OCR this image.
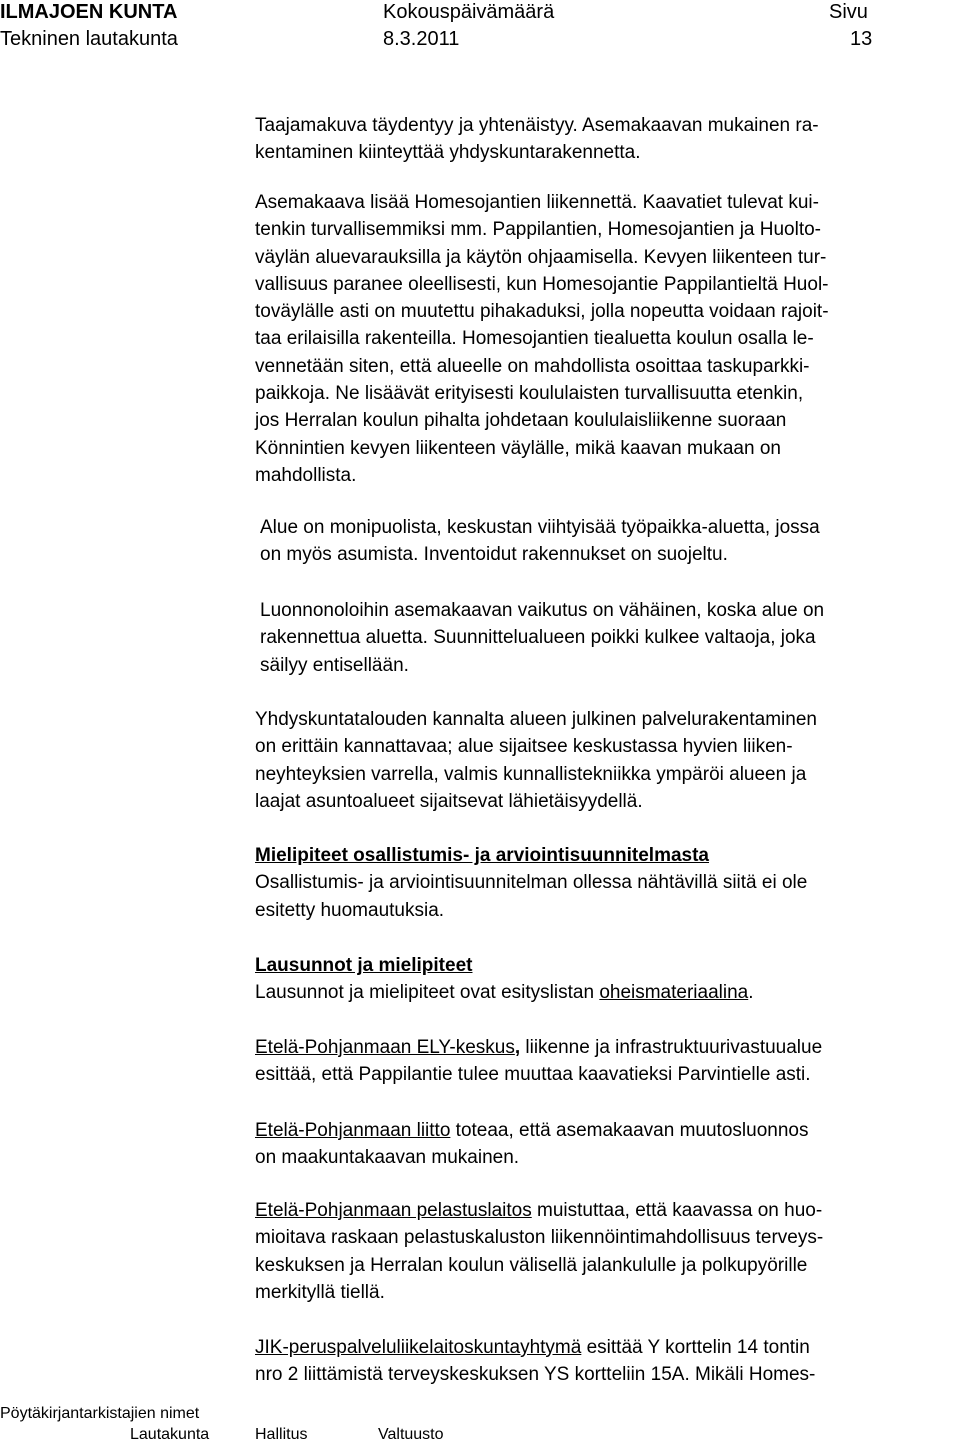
ILMAJOEN KUNTA
Tekninen lautakunta
Kokouspäivämäärä
8.3.2011
Sivu
13

Taajamakuva täydentyy ja yhtenäistyy. Asemakaavan mukainen ra-

kentaminen kiinteyttää yhdyskuntarakennetta.

Asemakaava lisää Homesojantien liikennettä. Kaavatiet tulevat kui-

tenkin turvallisemmiksi mm. Pappilantien, Homesojantien ja Huolto-

väylän aluevarauksilla ja käytön ohjaamisella. Kevyen liikenteen tur-

vallisuus paranee oleellisesti, kun Homesojantie Pappilantieltä Huol-

toväylälle asti on muutettu pihakaduksi, jolla nopeutta voidaan rajoit-

taa erilaisilla rakenteilla. Homesojantien tiealuetta koulun osalla le-

vennetään siten, että alueelle on mahdollista osoittaa taskuparkki-

paikkoja. Ne lisäävät erityisesti koululaisten turvallisuutta etenkin,

jos Herralan koulun pihalta johdetaan koululaisliikenne suoraan

Könnintien kevyen liikenteen väylälle, mikä kaavan mukaan on

mahdollista.

Alue on monipuolista, keskustan viihtyisää työpaikka-aluetta, jossa

on myös asumista. Inventoidut rakennukset on suojeltu.

Luonnonoloihin asemakaavan vaikutus on vähäinen, koska alue on

rakennettua aluetta. Suunnittelualueen poikki kulkee valtaoja, joka

säilyy entisellään.

Yhdyskuntatalouden kannalta alueen julkinen palvelurakentaminen

on erittäin kannattavaa; alue sijaitsee keskustassa hyvien liiken-

neyhteyksien varrella, valmis kunnallistekniikka ympäröi alueen ja

laajat asuntoalueet sijaitsevat lähietäisyydellä.

Mielipiteet osallistumis- ja arviointisuunnitelmasta

Osallistumis- ja arviointisuunnitelman ollessa nähtävillä siitä ei ole

esitetty huomautuksia.

Lausunnot ja mielipiteet

Lausunnot ja mielipiteet ovat esityslistan oheismateriaalina.

Etelä-Pohjanmaan ELY-keskus, liikenne ja infrastruktuurivastuualue

esittää, että Pappilantie tulee muuttaa kaavatieksi Parvintielle asti.

Etelä-Pohjanmaan liitto toteaa, että asemakaavan muutosluonnos

on maakuntakaavan mukainen.

Etelä-Pohjanmaan pelastuslaitos muistuttaa, että kaavassa on huo-

mioitava raskaan pelastuskaluston liikennöintimahdollisuus terveys-

keskuksen ja Herralan koulun välisellä jalankululle ja polkupyörille

merkityllä tiellä.

JIK-peruspalveluliikelaitoskuntayhtymä esittää Y korttelin 14 tontin

nro 2 liittämistä terveyskeskuksen YS kortteliin 15A. Mikäli Homes-

Pöytäkirjantarkistajien nimet
Lautakunta	Hallitus	Valtuusto
